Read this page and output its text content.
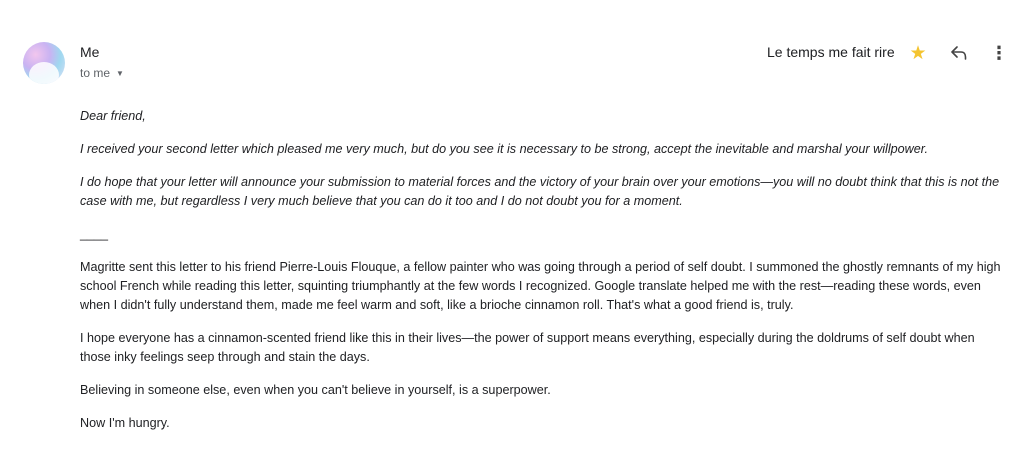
Me
to me ▼
Le temps me fait rire ★	⋮

Dear friend,

I received your second letter which pleased me very much, but do you see it is necessary to be strong, accept the inevitable and marshal your willpower.

I do hope that your letter will announce your submission to material forces and the victory of your brain over your emotions—you will no doubt think that this is not the case with me, but regardless I very much believe that you can do it too and I do not doubt you for a moment.

____

Magritte sent this letter to his friend Pierre-Louis Flouque, a fellow painter who was going through a period of self doubt. I summoned the ghostly remnants of my high school French while reading this letter, squinting triumphantly at the few words I recognized. Google translate helped me with the rest—reading these words, even when I didn't fully understand them, made me feel warm and soft, like a brioche cinnamon roll. That's what a good friend is, truly.

I hope everyone has a cinnamon-scented friend like this in their lives—the power of support means everything, especially during the doldrums of self doubt when those inky feelings seep through and stain the days.

Believing in someone else, even when you can't believe in yourself, is a superpower.

Now I'm hungry.
